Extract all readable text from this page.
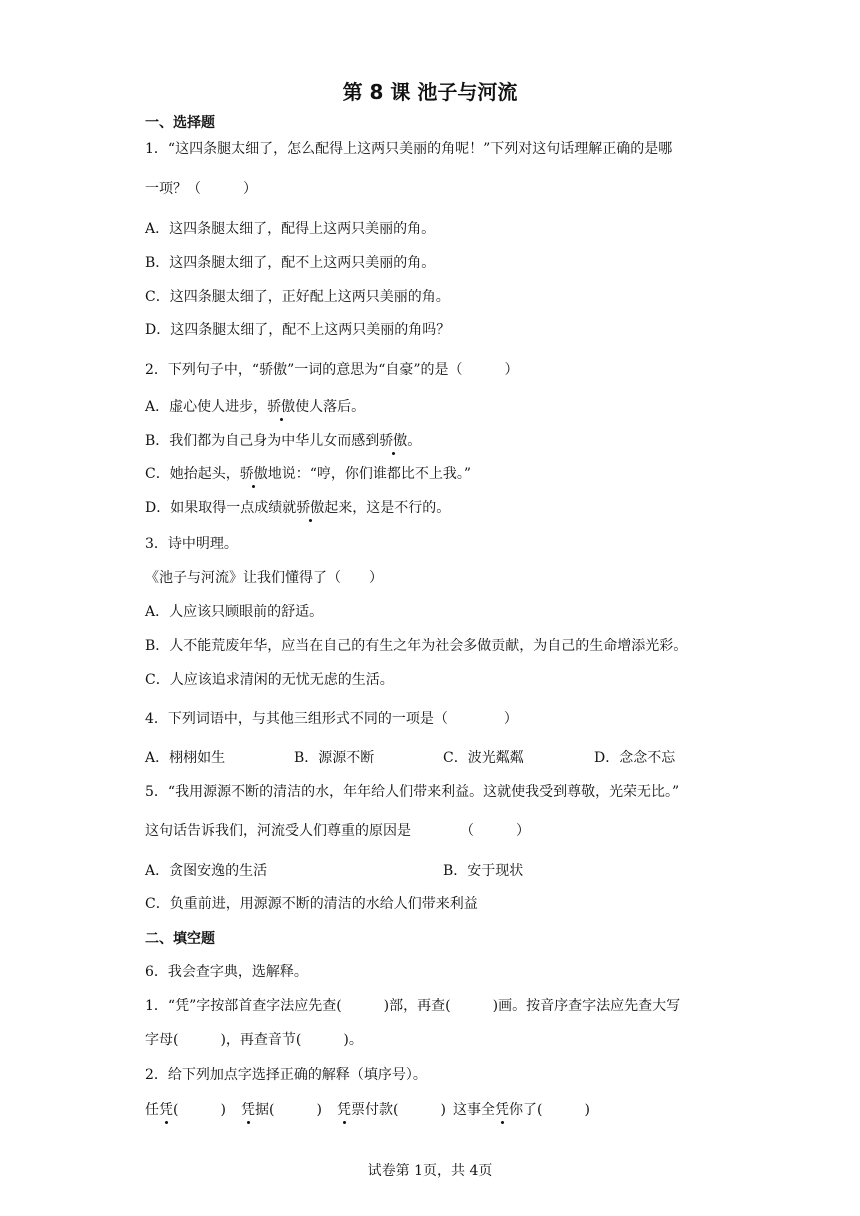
第 8 课 池子与河流
一、选择题
1．“这四条腿太细了，怎么配得上这两只美丽的角呢！”下列对这句话理解正确的是哪
一项？（　　　）
A．这四条腿太细了，配得上这两只美丽的角。
B．这四条腿太细了，配不上这两只美丽的角。
C．这四条腿太细了，正好配上这两只美丽的角。
D．这四条腿太细了，配不上这两只美丽的角吗？
2．下列句子中，“骄傲”一词的意思为“自豪”的是（　　　）
A．虚心使人进步，骄傲使人落后。
B．我们都为自己身为中华儿女而感到骄傲。
C．她抬起头，骄傲地说：“哼，你们谁都比不上我。”
D．如果取得一点成绩就骄傲起来，这是不行的。
3．诗中明理。
《池子与河流》让我们懂得了（　　）
A．人应该只顾眼前的舒适。
B．人不能荒废年华，应当在自己的有生之年为社会多做贡献，为自己的生命增添光彩。
C．人应该追求清闲的无忧无虑的生活。
4．下列词语中，与其他三组形式不同的一项是（　　　　）
A．栩栩如生	B．源源不断	C．波光粼粼	D．念念不忘
5．“我用源源不断的清洁的水，年年给人们带来利益。这就使我受到尊敬，光荣无比。”
这句话告诉我们，河流受人们尊重的原因是　　　　（　　　）
A．贪图安逸的生活	B．安于现状
C．负重前进，用源源不断的清洁的水给人们带来利益
二、填空题
6．我会查字典，选解释。
1．“凭”字按部首查字法应先查(　　　)部，再查(　　　)画。按音序查字法应先查大写
字母(　　　)，再查音节(　　　)。
2．给下列加点字选择正确的解释（填序号）。
任凭(　　　) 凭据(　　　) 凭票付款(　　　) 这事全凭你了(　　　)
试卷第 1页，共 4页
